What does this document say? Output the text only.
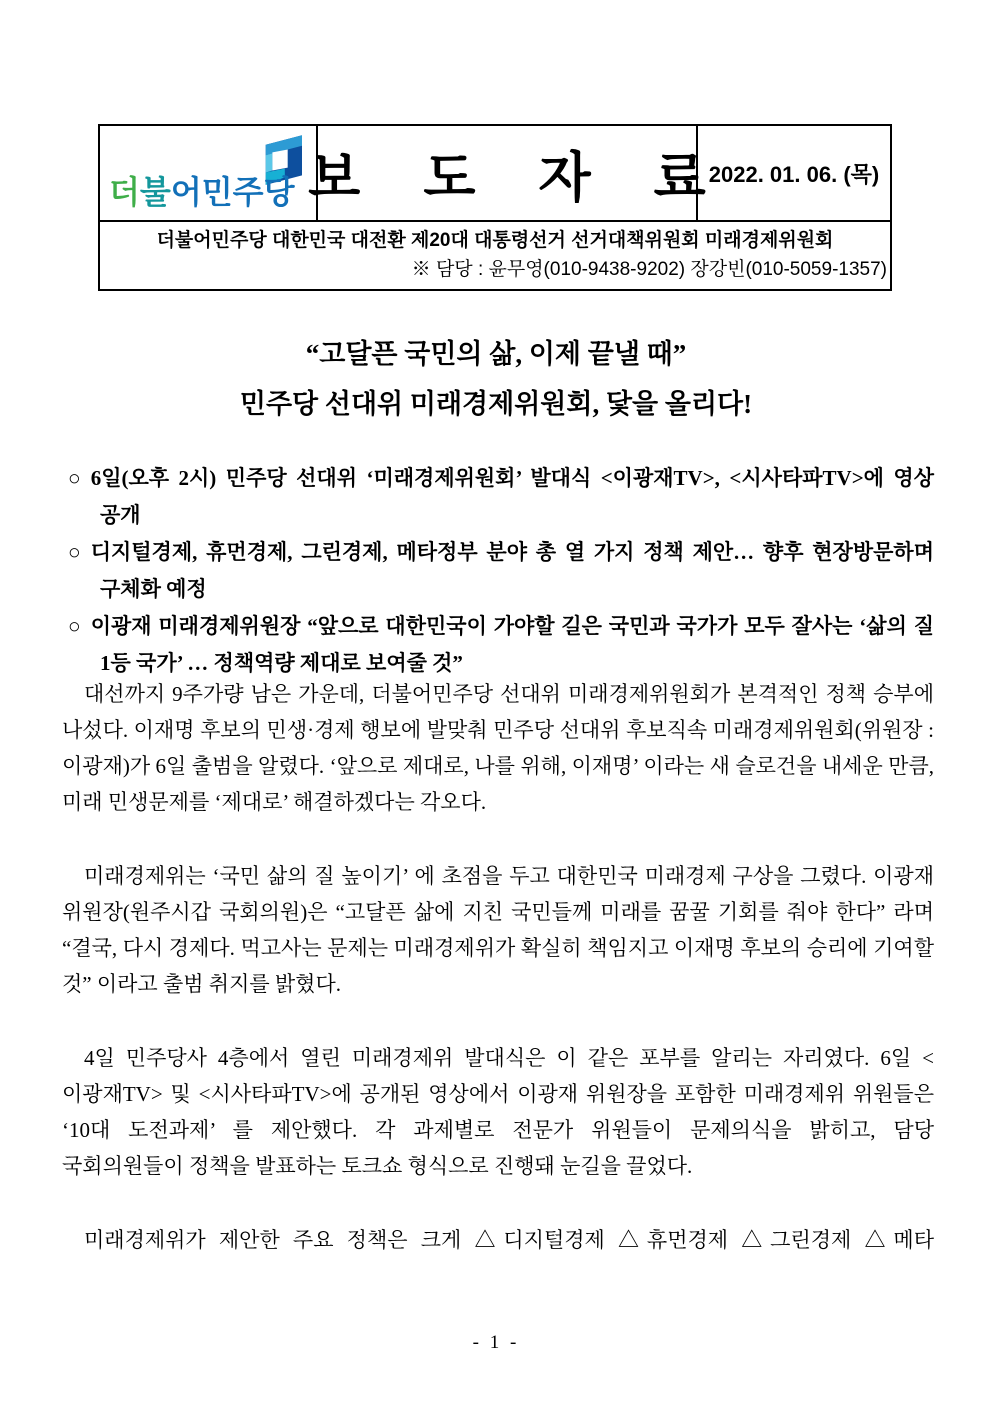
더불어민주당 보 도 자 료
2022. 01. 06. (목)
더불어민주당 대한민국 대전환 제20대 대통령선거 선거대책위원회 미래경제위원회
※ 담당 : 윤무영(010-9438-9202) 장강빈(010-5059-1357)
“고달픈 국민의 삶, 이제 끝낼 때”
민주당 선대위 미래경제위원회, 닻을 올리다!
○ 6일(오후 2시) 민주당 선대위 ‘미래경제위원회’ 발대식 <이광재TV>, <시사타파TV>에 영상 공개
○ 디지털경제, 휴먼경제, 그린경제, 메타정부 분야 총 열 가지 정책 제안… 향후 현장방문하며 구체화 예정
○ 이광재 미래경제위원장 “앞으로 대한민국이 가야할 길은 국민과 국가가 모두 잘사는 ‘삶의 질 1등 국가’ … 정책역량 제대로 보여줄 것”

대선까지 9주가량 남은 가운데, 더불어민주당 선대위 미래경제위원회가 본격적인 정책 승부에 나섰다. 이재명 후보의 민생·경제 행보에 발맞춰 민주당 선대위 후보직속 미래경제위원회(위원장 : 이광재)가 6일 출범을 알렸다. ‘앞으로 제대로, 나를 위해, 이재명’ 이라는 새 슬로건을 내세운 만큼, 미래 민생문제를 ‘제대로’ 해결하겠다는 각오다.

미래경제위는 ‘국민 삶의 질 높이기’ 에 초점을 두고 대한민국 미래경제 구상을 그렸다. 이광재 위원장(원주시갑 국회의원)은 “고달픈 삶에 지친 국민들께 미래를 꿈꿀 기회를 줘야 한다” 라며 “결국, 다시 경제다. 먹고사는 문제는 미래경제위가 확실히 책임지고 이재명 후보의 승리에 기여할 것” 이라고 출범 취지를 밝혔다.

4일 민주당사 4층에서 열린 미래경제위 발대식은 이 같은 포부를 알리는 자리였다. 6일 <이광재TV> 및 <시사타파TV>에 공개된 영상에서 이광재 위원장을 포함한 미래경제위 위원들은 ‘10대 도전과제’ 를 제안했다. 각 과제별로 전문가 위원들이 문제의식을 밝히고, 담당 국회의원들이 정책을 발표하는 토크쇼 형식으로 진행돼 눈길을 끌었다.

미래경제위가 제안한 주요 정책은 크게 △디지털경제 △휴먼경제 △그린경제 △메타

- 1 -
